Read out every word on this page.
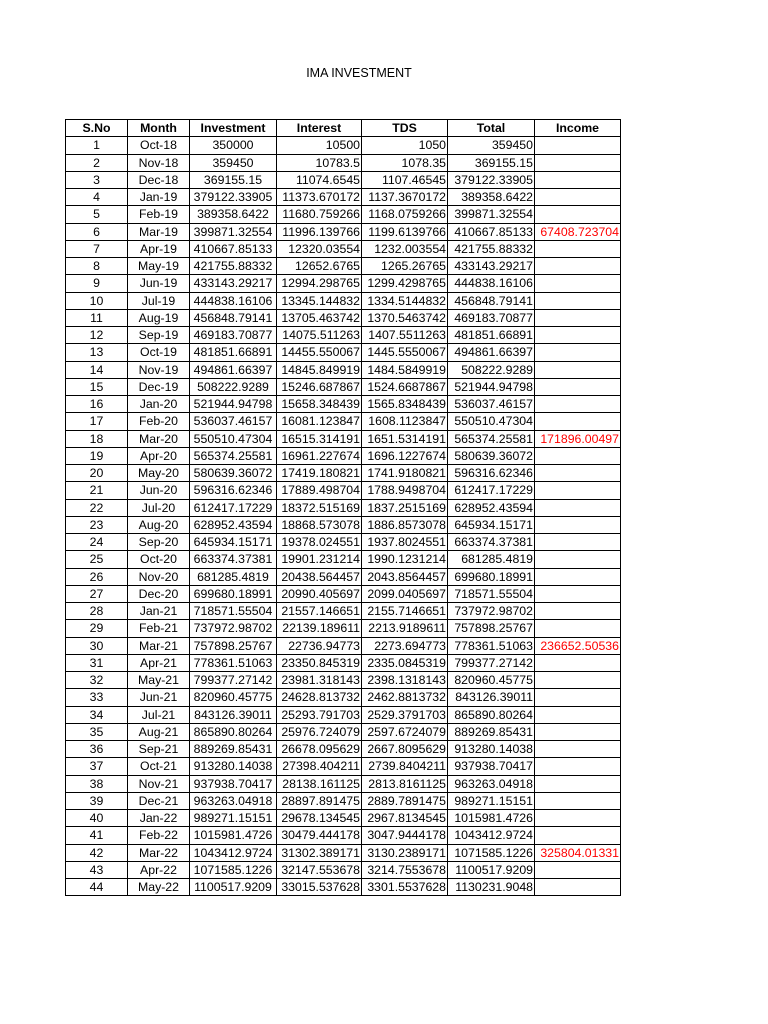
IMA INVESTMENT
S.No	Month	Investment	Interest	TDS	Total	Income
1	Oct-18	350000	10500	1050	359450	
2	Nov-18	359450	10783.5	1078.35	369155.15	
3	Dec-18	369155.15	11074.6545	1107.46545	379122.33905	
4	Jan-19	379122.33905	11373.670172	1137.3670172	389358.6422	
5	Feb-19	389358.6422	11680.759266	1168.0759266	399871.32554	
6	Mar-19	399871.32554	11996.139766	1199.6139766	410667.85133	67408.723704
7	Apr-19	410667.85133	12320.03554	1232.003554	421755.88332	
8	May-19	421755.88332	12652.6765	1265.26765	433143.29217	
9	Jun-19	433143.29217	12994.298765	1299.4298765	444838.16106	
10	Jul-19	444838.16106	13345.144832	1334.5144832	456848.79141	
11	Aug-19	456848.79141	13705.463742	1370.5463742	469183.70877	
12	Sep-19	469183.70877	14075.511263	1407.5511263	481851.66891	
13	Oct-19	481851.66891	14455.550067	1445.5550067	494861.66397	
14	Nov-19	494861.66397	14845.849919	1484.5849919	508222.9289	
15	Dec-19	508222.9289	15246.687867	1524.6687867	521944.94798	
16	Jan-20	521944.94798	15658.348439	1565.8348439	536037.46157	
17	Feb-20	536037.46157	16081.123847	1608.1123847	550510.47304	
18	Mar-20	550510.47304	16515.314191	1651.5314191	565374.25581	171896.00497
19	Apr-20	565374.25581	16961.227674	1696.1227674	580639.36072	
20	May-20	580639.36072	17419.180821	1741.9180821	596316.62346	
21	Jun-20	596316.62346	17889.498704	1788.9498704	612417.17229	
22	Jul-20	612417.17229	18372.515169	1837.2515169	628952.43594	
23	Aug-20	628952.43594	18868.573078	1886.8573078	645934.15171	
24	Sep-20	645934.15171	19378.024551	1937.8024551	663374.37381	
25	Oct-20	663374.37381	19901.231214	1990.1231214	681285.4819	
26	Nov-20	681285.4819	20438.564457	2043.8564457	699680.18991	
27	Dec-20	699680.18991	20990.405697	2099.0405697	718571.55504	
28	Jan-21	718571.55504	21557.146651	2155.7146651	737972.98702	
29	Feb-21	737972.98702	22139.189611	2213.9189611	757898.25767	
30	Mar-21	757898.25767	22736.94773	2273.694773	778361.51063	236652.50536
31	Apr-21	778361.51063	23350.845319	2335.0845319	799377.27142	
32	May-21	799377.27142	23981.318143	2398.1318143	820960.45775	
33	Jun-21	820960.45775	24628.813732	2462.8813732	843126.39011	
34	Jul-21	843126.39011	25293.791703	2529.3791703	865890.80264	
35	Aug-21	865890.80264	25976.724079	2597.6724079	889269.85431	
36	Sep-21	889269.85431	26678.095629	2667.8095629	913280.14038	
37	Oct-21	913280.14038	27398.404211	2739.8404211	937938.70417	
38	Nov-21	937938.70417	28138.161125	2813.8161125	963263.04918	
39	Dec-21	963263.04918	28897.891475	2889.7891475	989271.15151	
40	Jan-22	989271.15151	29678.134545	2967.8134545	1015981.4726	
41	Feb-22	1015981.4726	30479.444178	3047.9444178	1043412.9724	
42	Mar-22	1043412.9724	31302.389171	3130.2389171	1071585.1226	325804.01331
43	Apr-22	1071585.1226	32147.553678	3214.7553678	1100517.9209	
44	May-22	1100517.9209	33015.537628	3301.5537628	1130231.9048	
